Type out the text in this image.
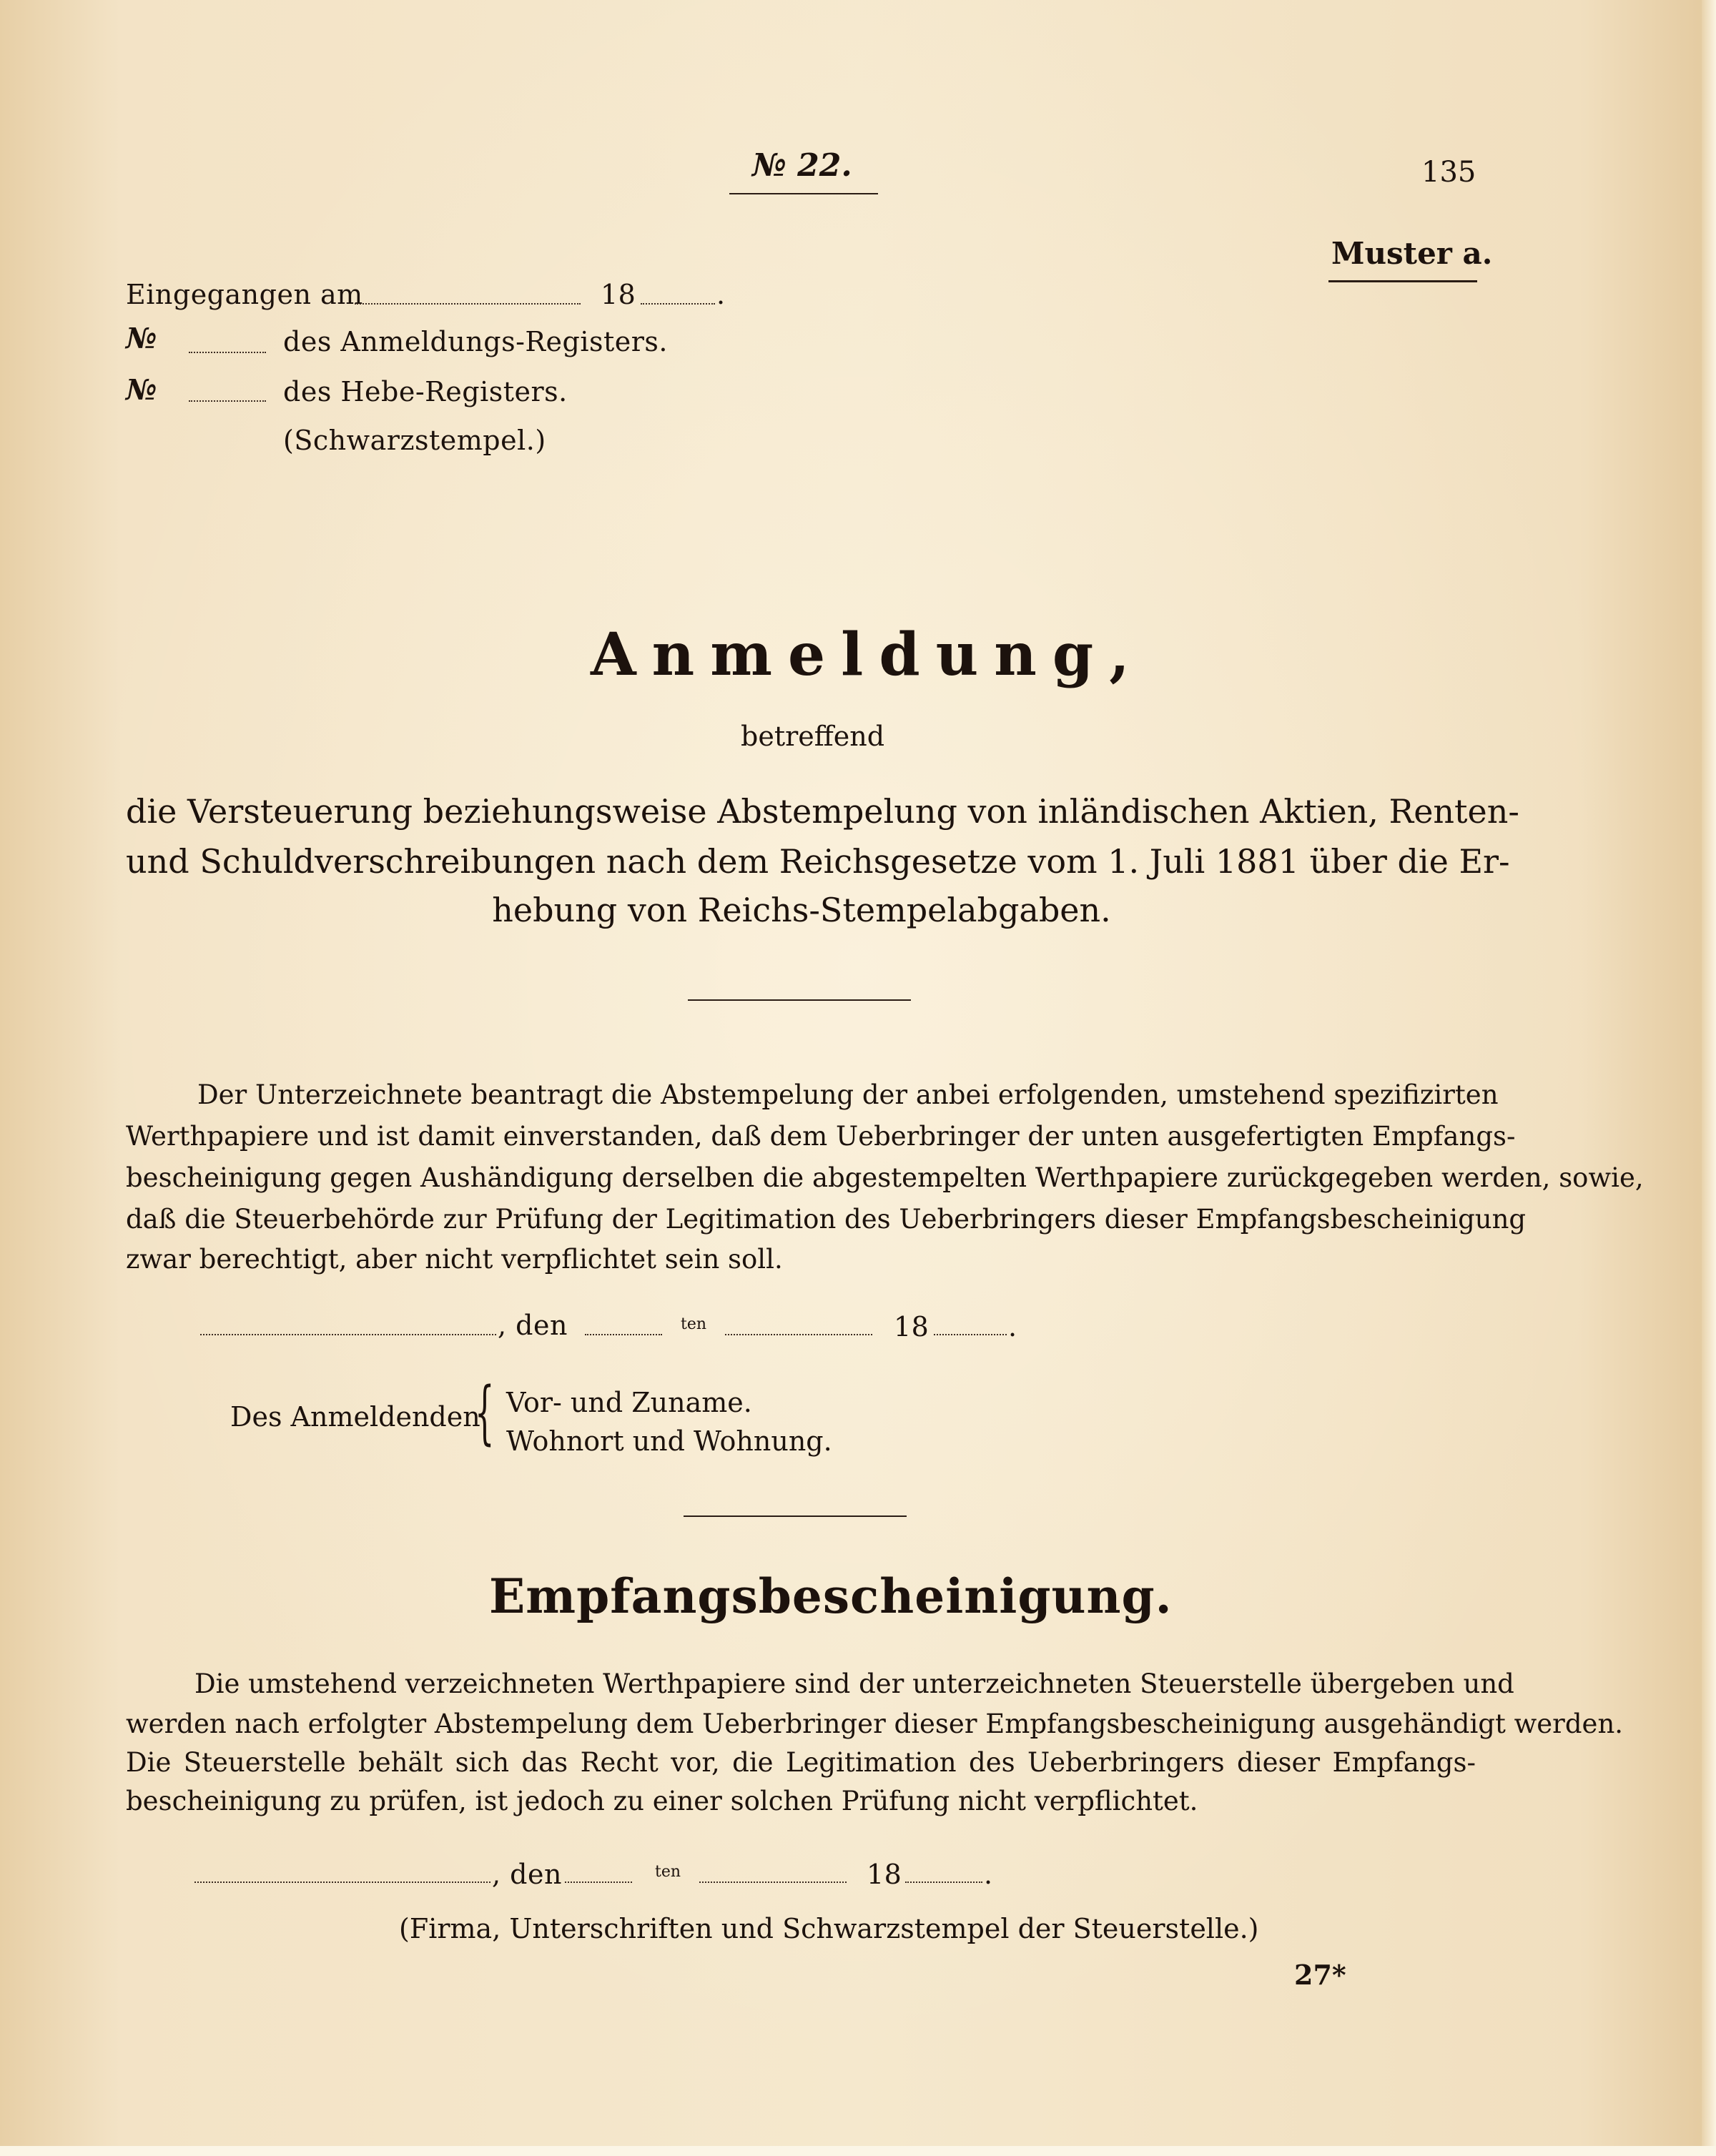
№ 22.	135
Muster a.
Eingegangen am	18	.
№	des Anmeldungs-Registers.
№	des Hebe-Registers.
(Schwarzstempel.)
Anmeldung,
betreffend
die Versteuerung beziehungsweise Abstempelung von inländischen Aktien, Renten-
und Schuldverschreibungen nach dem Reichsgesetze vom 1. Juli 1881 über die Er-
hebung von Reichs-Stempelabgaben.
Der Unterzeichnete beantragt die Abstempelung der anbei erfolgenden, umstehend spezifizirten
Werthpapiere und ist damit einverstanden, daß dem Ueberbringer der unten ausgefertigten Empfangs-
bescheinigung gegen Aushändigung derselben die abgestempelten Werthpapiere zurückgegeben werden, sowie,
daß die Steuerbehörde zur Prüfung der Legitimation des Ueberbringers dieser Empfangsbescheinigung
zwar berechtigt, aber nicht verpflichtet sein soll.
, den	ten	18	.
Des Anmeldenden
{ Vor- und Zuname.
Wohnort und Wohnung.
Empfangsbescheinigung.
Die umstehend verzeichneten Werthpapiere sind der unterzeichneten Steuerstelle übergeben und
werden nach erfolgter Abstempelung dem Ueberbringer dieser Empfangsbescheinigung ausgehändigt werden.
Die Steuerstelle behält sich das Recht vor, die Legitimation des Ueberbringers dieser Empfangs-
bescheinigung zu prüfen, ist jedoch zu einer solchen Prüfung nicht verpflichtet.
, den	ten	18	.
(Firma, Unterschriften und Schwarzstempel der Steuerstelle.)
27*
